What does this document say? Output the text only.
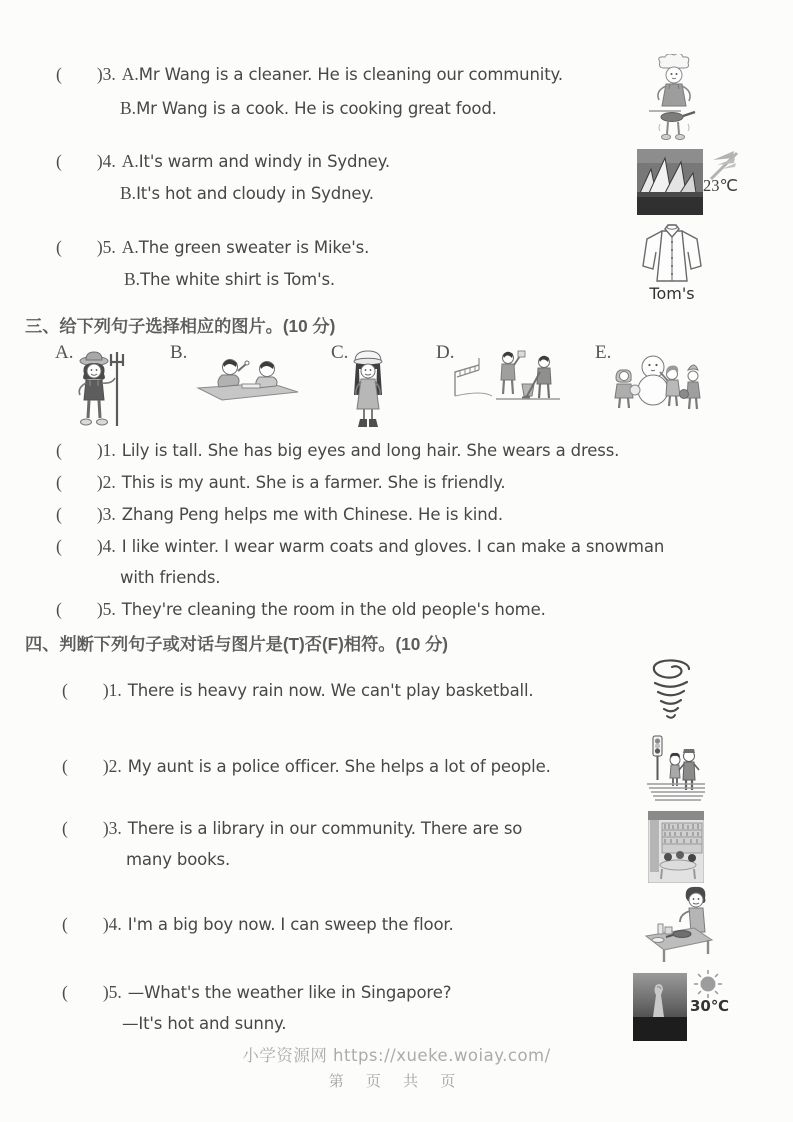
(        )3. A.Mr Wang is a cleaner. He is cleaning our community.
B.Mr Wang is a cook. He is cooking great food.
(        )4. A.It's warm and windy in Sydney.
B.It's hot and cloudy in Sydney.	23℃
(        )5. A.The green sweater is Mike's.
B.The white shirt is Tom's.
Tom's
三、给下列句子选择相应的图片。(10 分)
A.	B.	C.	D.	E.
(        )1. Lily is tall. She has big eyes and long hair. She wears a dress.
(        )2. This is my aunt. She is a farmer. She is friendly.
(        )3. Zhang Peng helps me with Chinese. He is kind.
(        )4. I like winter. I wear warm coats and gloves. I can make a snowman
with friends.
(        )5. They're cleaning the room in the old people's home.
四、判断下列句子或对话与图片是(T)否(F)相符。(10 分)
(        )1. There is heavy rain now. We can't play basketball.
(        )2. My aunt is a police officer. She helps a lot of people.
(        )3. There is a library in our community. There are so
many books.
(        )4. I'm a big boy now. I can sweep the floor.
(        )5. —What's the weather like in Singapore?
—It's hot and sunny.
30℃
小学资源网 https://xueke.woiay.com/
第 页 共 页
